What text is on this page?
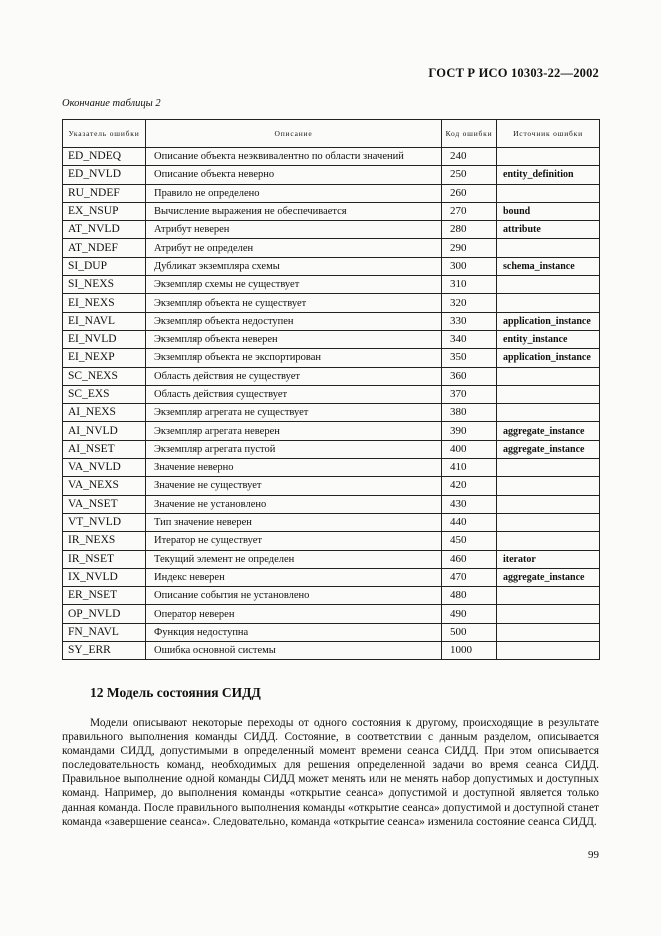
ГОСТ Р ИСО 10303-22—2002
Окончание таблицы 2
Указатель ошибки	Описание	Код ошибки	Источник ошибки
ED_NDEQ	Описание объекта неэквивалентно по области значений	240	
ED_NVLD	Описание объекта неверно	250	entity_definition
RU_NDEF	Правило не определено	260	
EX_NSUP	Вычисление выражения не обеспечивается	270	bound
AT_NVLD	Атрибут неверен	280	attribute
AT_NDEF	Атрибут не определен	290	
SI_DUP	Дубликат экземпляра схемы	300	schema_instance
SI_NEXS	Экземпляр схемы не существует	310	
EI_NEXS	Экземпляр объекта не существует	320	
EI_NAVL	Экземпляр объекта недоступен	330	application_instance
EI_NVLD	Экземпляр объекта неверен	340	entity_instance
EI_NEXP	Экземпляр объекта не экспортирован	350	application_instance
SC_NEXS	Область действия не существует	360	
SC_EXS	Область действия существует	370	
AI_NEXS	Экземпляр агрегата не существует	380	
AI_NVLD	Экземпляр агрегата неверен	390	aggregate_instance
AI_NSET	Экземпляр агрегата пустой	400	aggregate_instance
VA_NVLD	Значение неверно	410	
VA_NEXS	Значение не существует	420	
VA_NSET	Значение не установлено	430	
VT_NVLD	Тип значение неверен	440	
IR_NEXS	Итератор не существует	450	
IR_NSET	Текущий элемент не определен	460	iterator
IX_NVLD	Индекс неверен	470	aggregate_instance
ER_NSET	Описание события не установлено	480	
OP_NVLD	Оператор неверен	490	
FN_NAVL	Функция недоступна	500	
SY_ERR	Ошибка основной системы	1000	
12 Модель состояния СИДД

Модели описывают некоторые переходы от одного состояния к другому, происходящие в результате правильного выполнения команды СИДД. Состояние, в соответствии с данным разделом, описывается командами СИДД, допустимыми в определенный момент времени сеанса СИДД. При этом описывается последовательность команд, необходимых для решения определенной задачи во время сеанса СИДД. Правильное выполнение одной команды СИДД может менять или не менять набор допустимых и доступных команд. Например, до выполнения команды «открытие сеанса» допустимой и доступной является только данная команда. После правильного выполнения команды «открытие сеанса» допустимой и доступной станет команда «завершение сеанса». Следовательно, команда «открытие сеанса» изменила состояние сеанса СИДД.

99
